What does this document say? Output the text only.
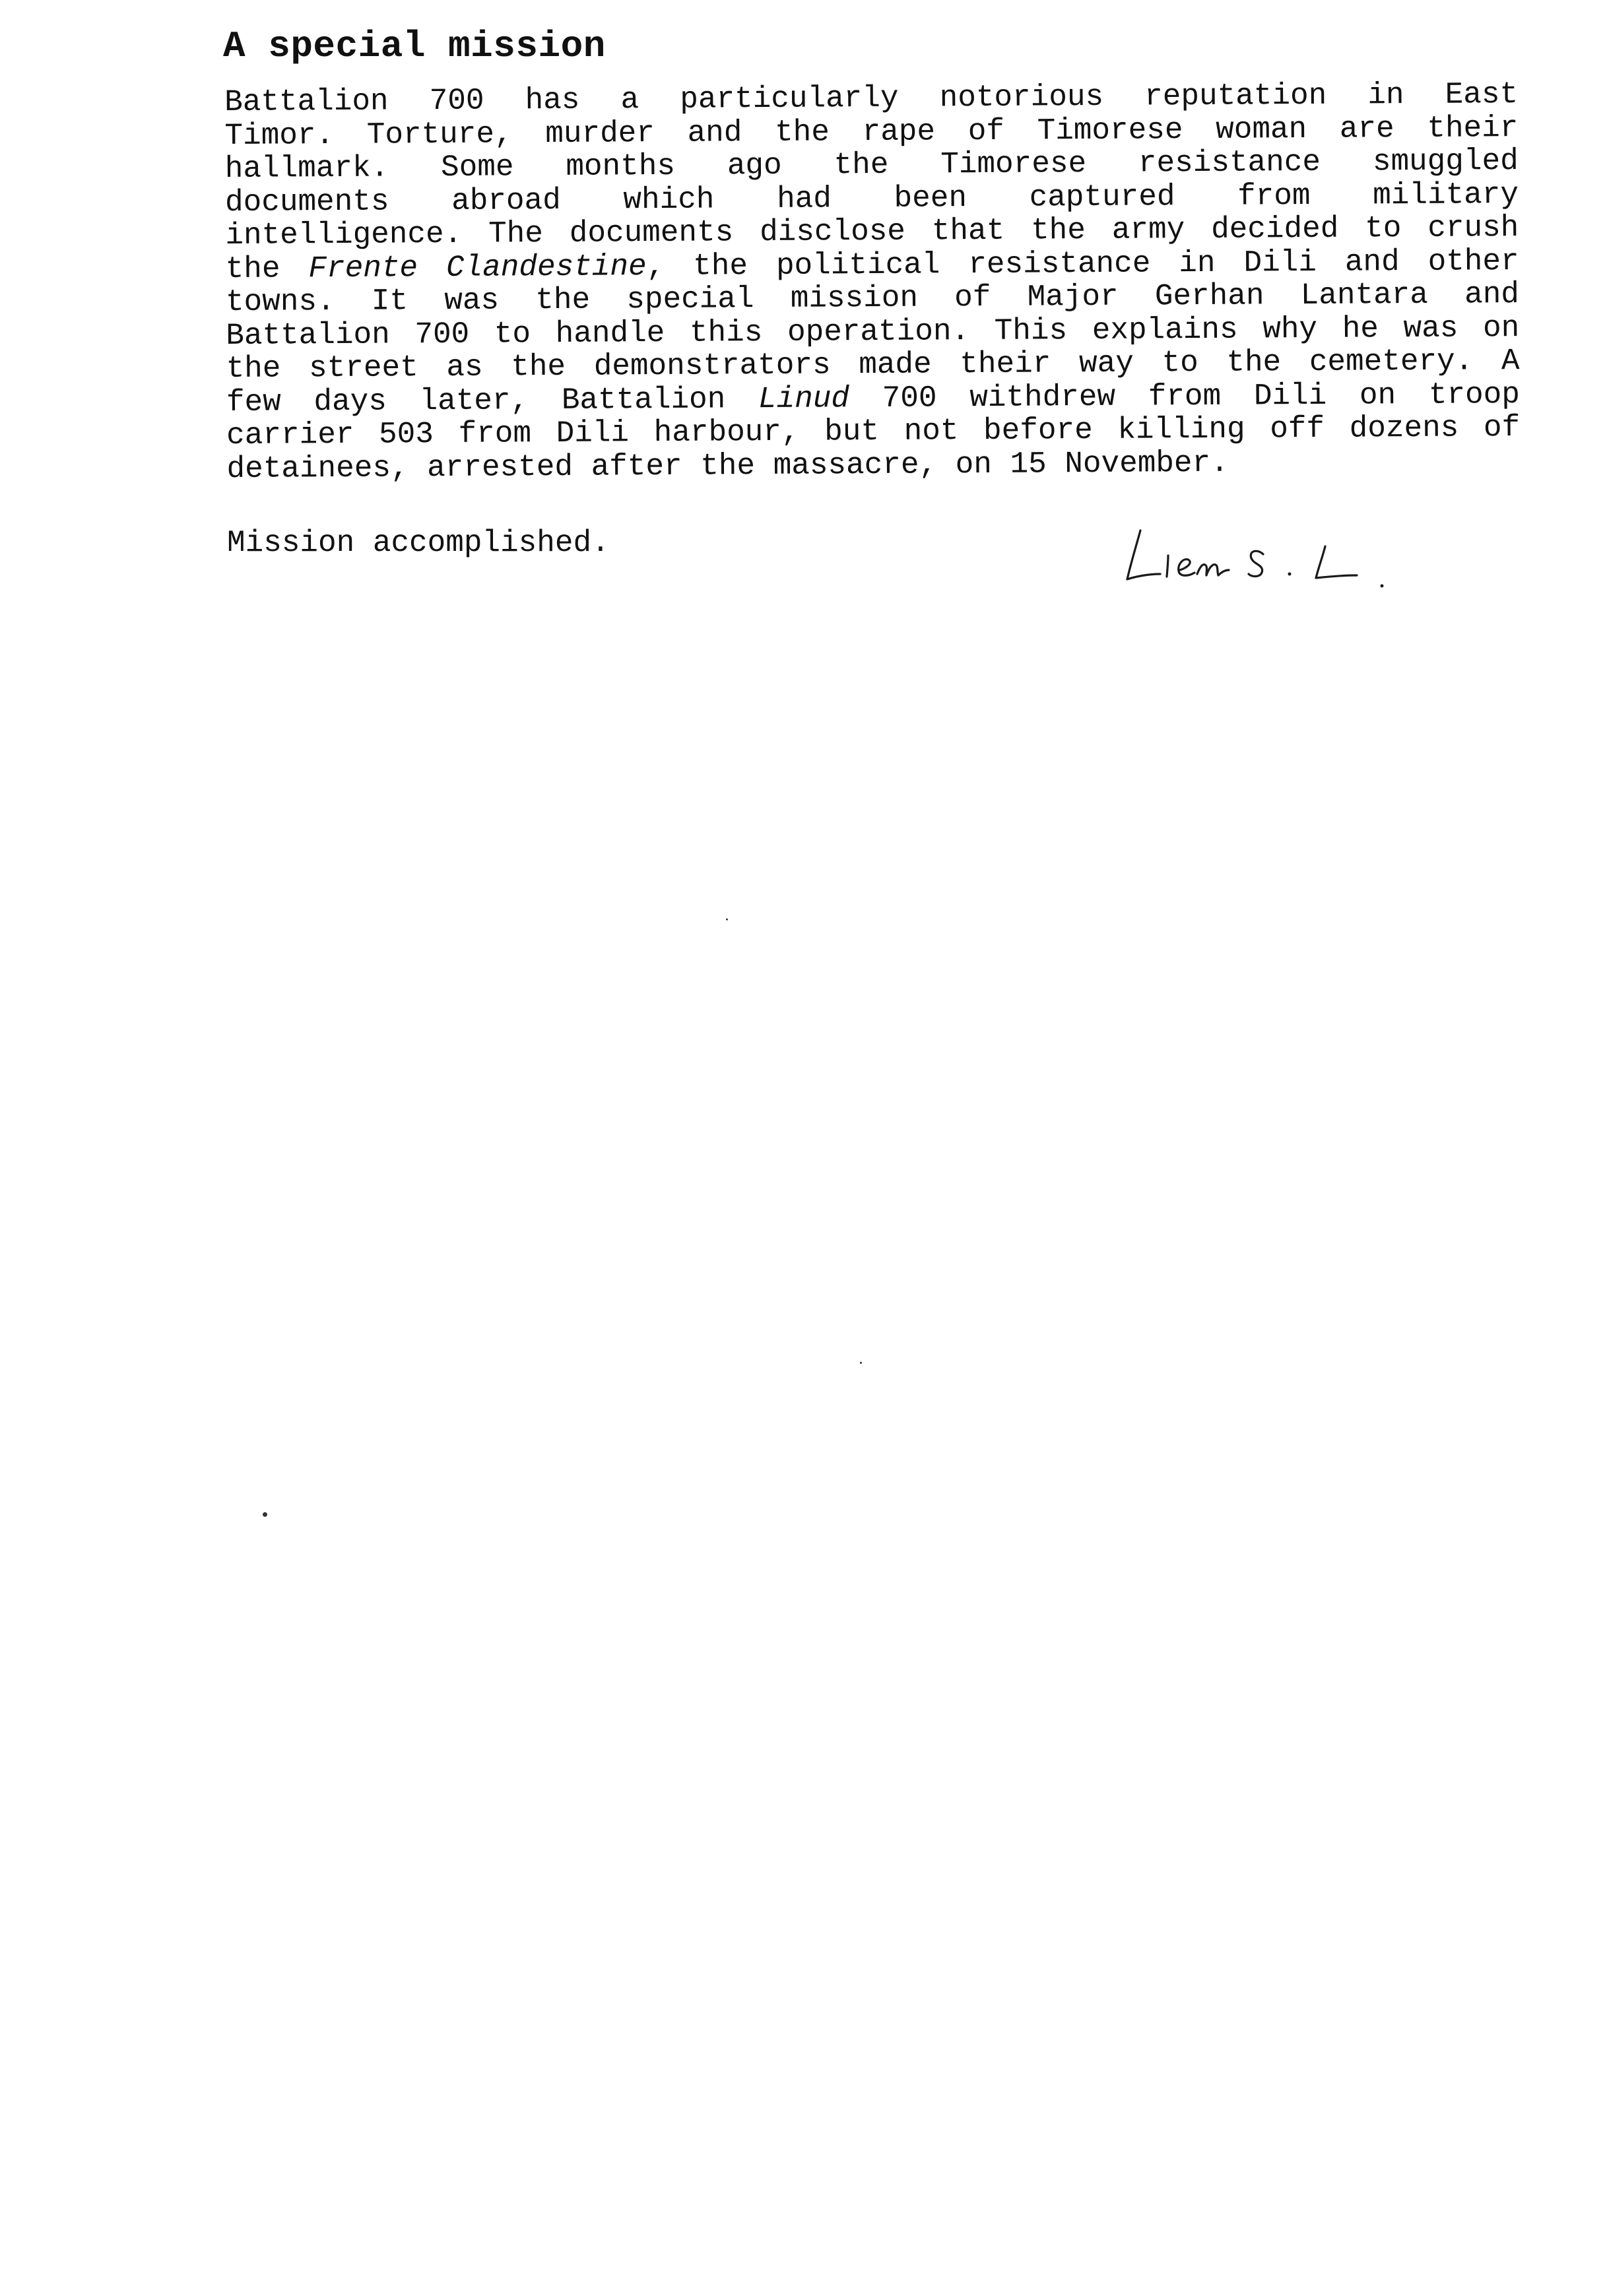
A special mission
Battalion 700 has a particularly notorious reputation in East
Timor. Torture, murder and the rape of Timorese woman are their
hallmark. Some months ago the Timorese resistance smuggled
documents abroad which had been captured from military
intelligence. The documents disclose that the army decided to crush
the Frente Clandestine, the political resistance in Dili and other
towns. It was the special mission of Major Gerhan Lantara and
Battalion 700 to handle this operation. This explains why he was on
the street as the demonstrators made their way to the cemetery. A
few days later, Battalion Linud 700 withdrew from Dili on troop
carrier 503 from Dili harbour, but not before killing off dozens of
detainees, arrested after the massacre, on 15 November.
Mission accomplished.
